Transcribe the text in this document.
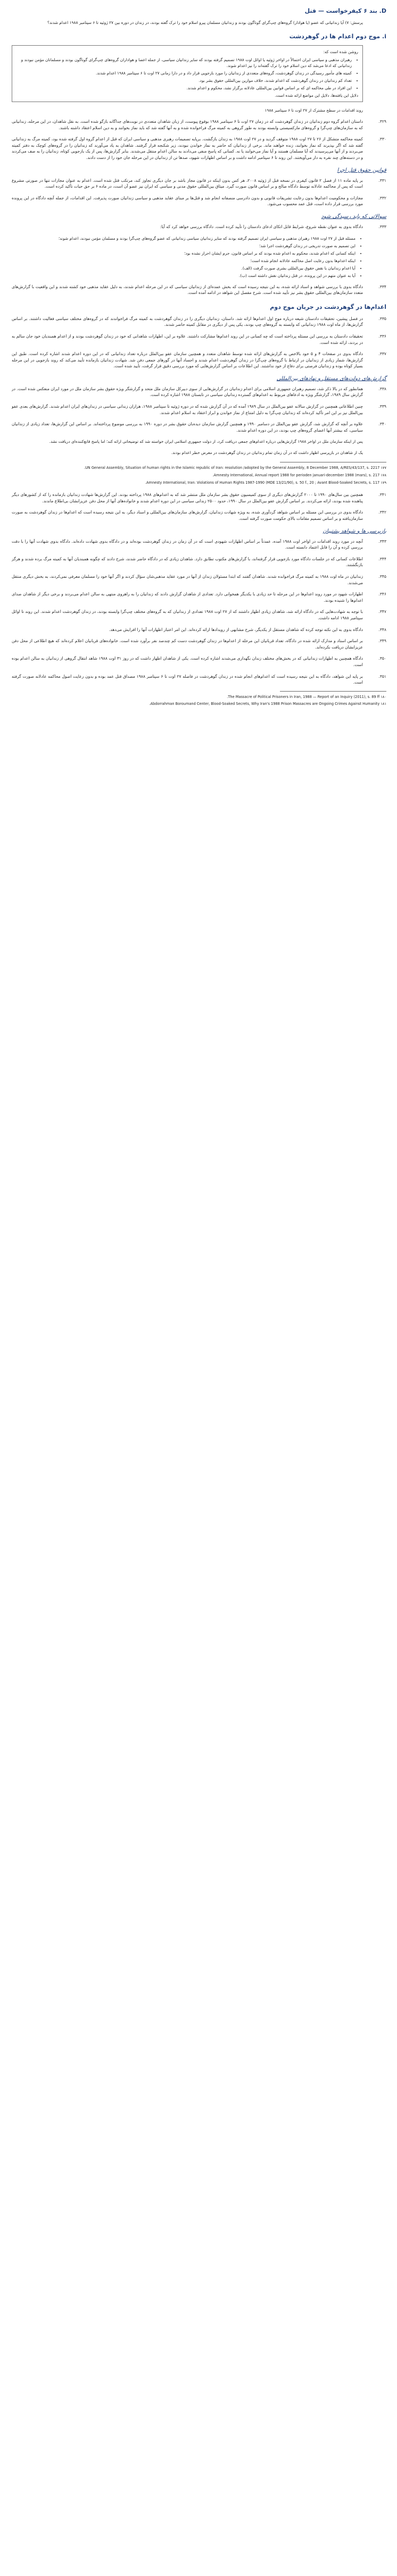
D. بند ۶ کیفرخواست — قتل
پرسش: ۷) آیا زندانیانی که عضو (یا هوادار) گروه‌های چپ‌گرای گوناگون بودند و زندانیان مسلمان پیرو اسلام خود را ترک گفته بودند، در زندان در دوره بین ۲۷ ژوئیه تا ۶ سپتامبر ۱۹۸۸ اعدام شدند؟
i. موج دوم اعدام ها در گوهردشت
روشن شده است که:
• رهبران مذهبی و سیاسی ایران احتمالاً در اواخر ژوئیه یا اوائل اوت ۱۹۸۸ تصمیم گرفته بودند که سایر زندانیان سیاسی، از جمله اعضا و هواداران گروه‌های چپ‌گرای گوناگون بودند و مسلمانان مؤمن نبودند و زندانیانی که ادعا می‌شد که دین اسلام خود را ترک گفته‌اند را نیز اعدام شوند.
• کمیته های مأمور رسیدگی در زندان گوهردشت، گروه‌های متعددی از زندانیان را مورد بازجویی قرار داد و در دارا زمانی ۲۷ اوت تا ۶ سپتامبر ۱۹۸۸ اعدام شدند.
• تعداد کم زندانیان در زندان گوهردشت که اعدام شدند، خلاف موازین بین‌المللی حقوق بشر بود.
• این افراد در طی محاکمه ای که بر اساس قوانین بین‌المللی عادلانه برگزار نشد، محکوم و اعدام شدند.
دلایل این یافته‌ها، دلایل این مواضع ارائه شده است.
روند اقدامات در سطح مشترک از ۲۷ اوت تا ۶ سپتامبر ۱۹۸۸
۳۲۹.
داستان اعدام گروه دوم زندانیان در زندان گوهردشت که در زمان ۲۷ اوت تا ۶ سپتامبر ۱۹۸۸ بوقوع پیوست، از زبان شاهدان متعددی در نوبت‌های جداگانه بازگو شده است. به نقل شاهدان، در این مرحله، زندانیانی که به سازمان‌های چپ‌گرا و گروه‌های مارکسیستی وابسته بودند به طور گروهی به کمیته مرگ فراخوانده شده و به آنها گفته شد که باید نماز بخوانند و به دین اسلام اعتقاد داشته باشند.
۳۳۰.
کمیته محاکمه متشکل از ۲۶ تا ۲۷ اوت ۱۹۸۸ متوقف گردید و در ۲۷ اوت ۱۹۸۸ به زندان بازگشت. برپایه تصمیمات رهبری مذهبی و سیاسی ایران که قبل از اعدام گروه اول گرفته شده بود، کمیته مرگ به زندانیانی گفته شد که اگر بپذیرند که نماز بخوانند، زنده خواهند ماند. برخی از زندانیان که حاضر به نماز خواندن نبودند، زیر شکنجه قرار گرفتند. شاهدان به یاد می‌آورند که زندانیان را در گروه‌های کوچک به دفتر کمیته می‌بردند و از آنها می‌پرسیدند که آیا مسلمان هستند و آیا نماز می‌خوانند یا نه. کسانی که پاسخ منفی می‌دادند به سالن اعدام منتقل می‌شدند. بنابر گزارش‌ها، پس از یک بازجویی کوتاه، زندانیان را به صف می‌کردند و در دسته‌های چند نفره به دار می‌آویختند. این روند تا ۶ سپتامبر ادامه داشت و بر اساس اظهارات شهود، صدها تن از زندانیان در این مرحله جان خود را از دست دادند.
قوانین حقوق قتل اجرا
۳۳۱.
بر پایه ماده ۱۱ از فصل ۲ قانون کیفری در نسخه قبل از ژوئیه ۲۰۰۸، هر کس بدون اینکه در قانون مجاز باشد بر جان دیگری تجاوز کند، مرتکب قتل شده است. اعدام به عنوان مجازات تنها در صورتی مشروع است که پس از محاکمه عادلانه توسط دادگاه صالح و بر اساس قانون صورت گیرد. میثاق بین‌المللی حقوق مدنی و سیاسی که ایران نیز عضو آن است، در ماده ۶ بر حق حیات تأکید کرده است.
۳۳۲.
مجازات و محکومیت اعدام‌ها بدون رعایت تشریفات قانونی و بدون دادرسی منصفانه انجام شد و قتل‌ها بر مبنای عقاید مذهبی و سیاسی زندانیان صورت پذیرفت. این اقدامات، از جمله آنچه دادگاه در این پرونده مورد بررسی قرار داده است، قتل عمد محسوب می‌شود.
سوالاتی که باید رسیدگی شود
۳۳۳.
دادگاه بدوی به عنوان نقطه شروع، شرایط قابل اتکای ادعای دادستان را تأیید کرده است. دادگاه بررسی خواهد کرد که آیا:
• مسئله قبل از ۲۷ اوت ۱۹۸۸ رهبران مذهبی و سیاسی ایران تصمیم گرفته بودند که سایر زندانیان سیاسی زندانیانی که عضو گروه‌های چپ‌گرا بودند و مسلمان مؤمن نبودند، اعدام شوند؛
• این تصمیم به صورت تدریجی در زندان گوهردشت اجرا شد؛
• اینکه کسانی که اعدام شدند، محکوم به اعدام شده بودند که بر اساس قانون، جرم ایشان احراز نشده بود؛
• اینکه اعدام‌ها بدون رعایت اصل محاکمه عادلانه انجام شده است؛
• آیا اعدام زندانیان با نقض حقوق بین‌المللی بشری صورت گرفت (الف).
• آیا به عنوان متهم در این پرونده، در قتل زندانیان نقش داشته است (ب).
۳۳۴.
دادگاه بدوی با بررسی شواهد و اسناد ارائه شده، به این نتیجه رسیده است که بخش عمده‌ای از زندانیان سیاسی که در این مرحله اعدام شدند، به دلیل عقاید مذهبی خود کشته شدند و این واقعیت با گزارش‌های متعدد سازمان‌های بین‌المللی حقوق بشر نیز تأیید شده است. شرح مفصل این شواهد در ادامه آمده است.
اعدام‌ها در گوهردشت در جریان موج دوم
۳۳۵.
در فصل پیشین، تحقیقات دادستان شیعه درباره موج اول اعدام‌ها ارائه شد. داستان، زندانیان دیگری را در زندان گوهردشت به کمیته مرگ فراخواندند که در گروه‌های مختلف سیاسی فعالیت داشتند. بر اساس گزارش‌ها، از ماه اوت ۱۹۸۸ زندانیانی که وابسته به گروه‌های چپ بودند، یکی پس از دیگری در مقابل کمیته حاضر شدند.
۳۳۶.
تحقیقات دادستان به بررسی این مسئله پرداخته است که چه کسانی در این روند اعدام‌ها مشارکت داشتند. علاوه بر این، اظهارات شاهدانی که خود در زندان گوهردشت بودند و از اعدام همبندیان خود جان سالم به در بردند، ارائه شده است.
۳۳۷.
دادگاه بدوی در صفحات ۴ و ۵ خود بالاخص به گزارش‌های ارائه شده توسط شاهدان متعدد و همچنین سازمان عفو بین‌الملل درباره تعداد زندانیانی که در این دوره اعدام شدند اشاره کرده است. طبق این گزارش‌ها، شمار زیادی از زندانیان در ارتباط با گروه‌های چپ‌گرا در زندان گوهردشت اعدام شدند و اجساد آنها در گورهای جمعی دفن شد. شهادت زندانیان بازمانده تأیید می‌کند که روند بازجویی در این مرحله بسیار کوتاه بوده و زندانیان فرصتی برای دفاع از خود نداشتند. این اطلاعات بر اساس گزارش‌هایی که مورد بررسی دقیق قرار گرفت، تأیید شده است.
گزارش‌های دولت‌های مستقل و نهادهای بین‌المللی
۳۳۸.
همانطور که در بالا ذکر شد، تصمیم رهبران جمهوری اسلامی برای اعدام زندانیان در گزارش‌هایی از سوی دبیرکل سازمان ملل متحد و گزارشگر ویژه حقوق بشر سازمان ملل در مورد ایران منعکس شده است. در گزارش سال ۱۹۸۹، گزارشگر ویژه به ادعاهای مربوط به اعدام‌های گسترده زندانیان سیاسی در تابستان ۱۹۸۸ اشاره کرده است.
۳۳۹.
چنین اطلاعاتی همچنین در گزارش سالانه عفو بین‌الملل در سال ۱۹۸۹ آمده که در آن گزارش شده که در دوره ژوئیه تا سپتامبر ۱۹۸۸، هزاران زندانی سیاسی در زندان‌های ایران اعدام شدند. گزارش‌های بعدی عفو بین‌الملل نیز بر این امر تأکید کرده‌اند که زندانیان چپ‌گرا به دلیل امتناع از نماز خواندن و ابراز اعتقاد به اسلام اعدام شدند.
۳۴۰.
علاوه بر آنچه که گزارش شد، گزارش عفو بین‌الملل در دسامبر ۱۹۹۰ و همچنین گزارش سازمان دیده‌بان حقوق بشر در دوره ۱۹۹۰ به بررسی موضوع پرداخته‌اند. بر اساس این گزارش‌ها، تعداد زیادی از زندانیان سیاسی، که بیشتر آنها اعضای گروه‌های چپ بودند، در این دوره اعدام شدند.
پس از اینکه سازمان ملل در اواخر ۱۹۸۸ گزارش‌هایی درباره اعدام‌های جمعی دریافت کرد، از دولت جمهوری اسلامی ایران خواسته شد که توضیحاتی ارائه کند؛ اما پاسخ قانع‌کننده‌ای دریافت نشد.
یک از شاهدان در بازپرسی اظهار داشت که در آن زمان تمام زندانیان در زندان گوهردشت در معرض خطر اعدام بودند.
۱۷۷ UN General Assembly, Situation of human rights in the Islamic republic of Iran: resolution /adopted by the General Assembly, 8 December 1988, A/RES/43/137, s. 2217.
۱۷۸ Amnesty International, Annual report 1988 for perioden januari-december 1988 (mars), s. 217.
۱۷۹ Amnesty International, Iran: Violations of Human Rights 1987-1990 (MDE 13/21/90), s. 50 f., 20 ; Avant Blood-Soaked Secrets, s. 117.
۳۴۱.
همچنین بین سال‌های ۱۹۹۰ تا ۲۰۰۰ گزارش‌های دیگری از سوی کمیسیون حقوق بشر سازمان ملل منتشر شد که به اعدام‌های ۱۹۸۸ پرداخته بودند. این گزارش‌ها شهادت زندانیان بازمانده را که از کشورهای دیگر پناهنده شده بودند، ارائه می‌کردند. بر اساس گزارش عفو بین‌الملل در سال ۱۹۹۰، حدود ۲۵۰۰ زندانی سیاسی در این دوره اعدام شدند و خانواده‌های آنها از محل دفن عزیزانشان بی‌اطلاع ماندند.
۳۴۲.
دادگاه بدوی در بررسی این مسئله بر اساس شواهد گردآوری شده، به ویژه شهادت زندانیان، گزارش‌های سازمان‌های بین‌المللی و اسناد دیگر، به این نتیجه رسیده است که اعدام‌ها در زندان گوهردشت به صورت سازمان‌یافته و بر اساس تصمیم مقامات بالای حکومت صورت گرفته است.
بازپرسی ها و شواهد پشتیبان
۳۴۳.
آنچه در مورد روند اقدامات در اواخر اوت ۱۹۸۸ آمده، عمدتاً بر اساس اظهارات شهودی است که در آن زمان در زندان گوهردشت بوده‌اند و در دادگاه بدوی شهادت داده‌اند. دادگاه بدوی شهادت آنها را با دقت بررسی کرده و آن را قابل اعتماد دانسته است.
۳۴۴.
اطلاعات کسانی که در جلسات دادگاه مورد بازجویی قرار گرفته‌اند، با گزارش‌های مکتوب تطابق دارد. شاهدان زیادی که در دادگاه حاضر شدند، شرح دادند که چگونه همبندیان آنها به کمیته مرگ برده شدند و هرگز بازنگشتند.
۳۴۵.
زندانیان در ماه اوت ۱۹۸۸ به کمیته مرگ فراخوانده شدند. شاهدان گفتند که ابتدا مسئولان زندان از آنها در مورد عقاید مذهبی‌شان سؤال کردند و اگر آنها خود را مسلمان معرفی نمی‌کردند، به بخش دیگری منتقل می‌شدند.
۳۴۶.
اظهارات شهود در مورد روند اعدام‌ها در این مرحله تا حد زیادی با یکدیگر همخوانی دارد. تعدادی از شاهدان گزارش دادند که زندانیان را به راهروی منتهی به سالن اعدام می‌بردند و برخی دیگر از شاهدان صدای اعدام‌ها را شنیده بودند.
۳۴۷.
با توجه به شهادت‌هایی که در دادگاه ارائه شد، شاهدان زیادی اظهار داشتند که از ۲۷ اوت ۱۹۸۸ تعدادی از زندانیان که به گروه‌های مختلف چپ‌گرا وابسته بودند، در زندان گوهردشت اعدام شدند. این روند تا اوائل سپتامبر ۱۹۸۸ ادامه داشت.
۳۴۸.
دادگاه بدوی به این نکته توجه کرده که شاهدان مستقل از یکدیگر، شرح مشابهی از رویدادها ارائه کرده‌اند. این امر اعتبار اظهارات آنها را افزایش می‌دهد.
۳۴۹.
بر اساس اسناد و مدارک ارائه شده در دادگاه، تعداد قربانیان این مرحله از اعدام‌ها در زندان گوهردشت دست کم چندصد نفر برآورد شده است. خانواده‌های قربانیان اعلام کرده‌اند که هیچ اطلاعی از محل دفن عزیزانشان دریافت نکرده‌اند.
۳۵۰.
دادگاه همچنین به اظهارات زندانیانی که در بخش‌های مختلف زندان نگهداری می‌شدند اشاره کرده است. یکی از شاهدان اظهار داشت که در روز ۳۱ اوت ۱۹۸۸ شاهد انتقال گروهی از زندانیان به سالن اعدام بوده است.
۳۵۱.
بر پایه این شواهد، دادگاه به این نتیجه رسیده است که اعدام‌های انجام شده در زندان گوهردشت در فاصله ۲۷ اوت تا ۶ سپتامبر ۱۹۸۸ مصداق قتل عمد بوده و بدون رعایت اصول محاکمه عادلانه صورت گرفته است.
۱۸۰ The Massacre of Political Prisoners in Iran, 1988 — Report of an Inquiry (2011), s. 89 ff.
۱۸۱ Abdorrahman Boroumand Center, Blood-Soaked Secrets, Why Iran's 1988 Prison Massacres are Ongoing Crimes Against Humanity.
